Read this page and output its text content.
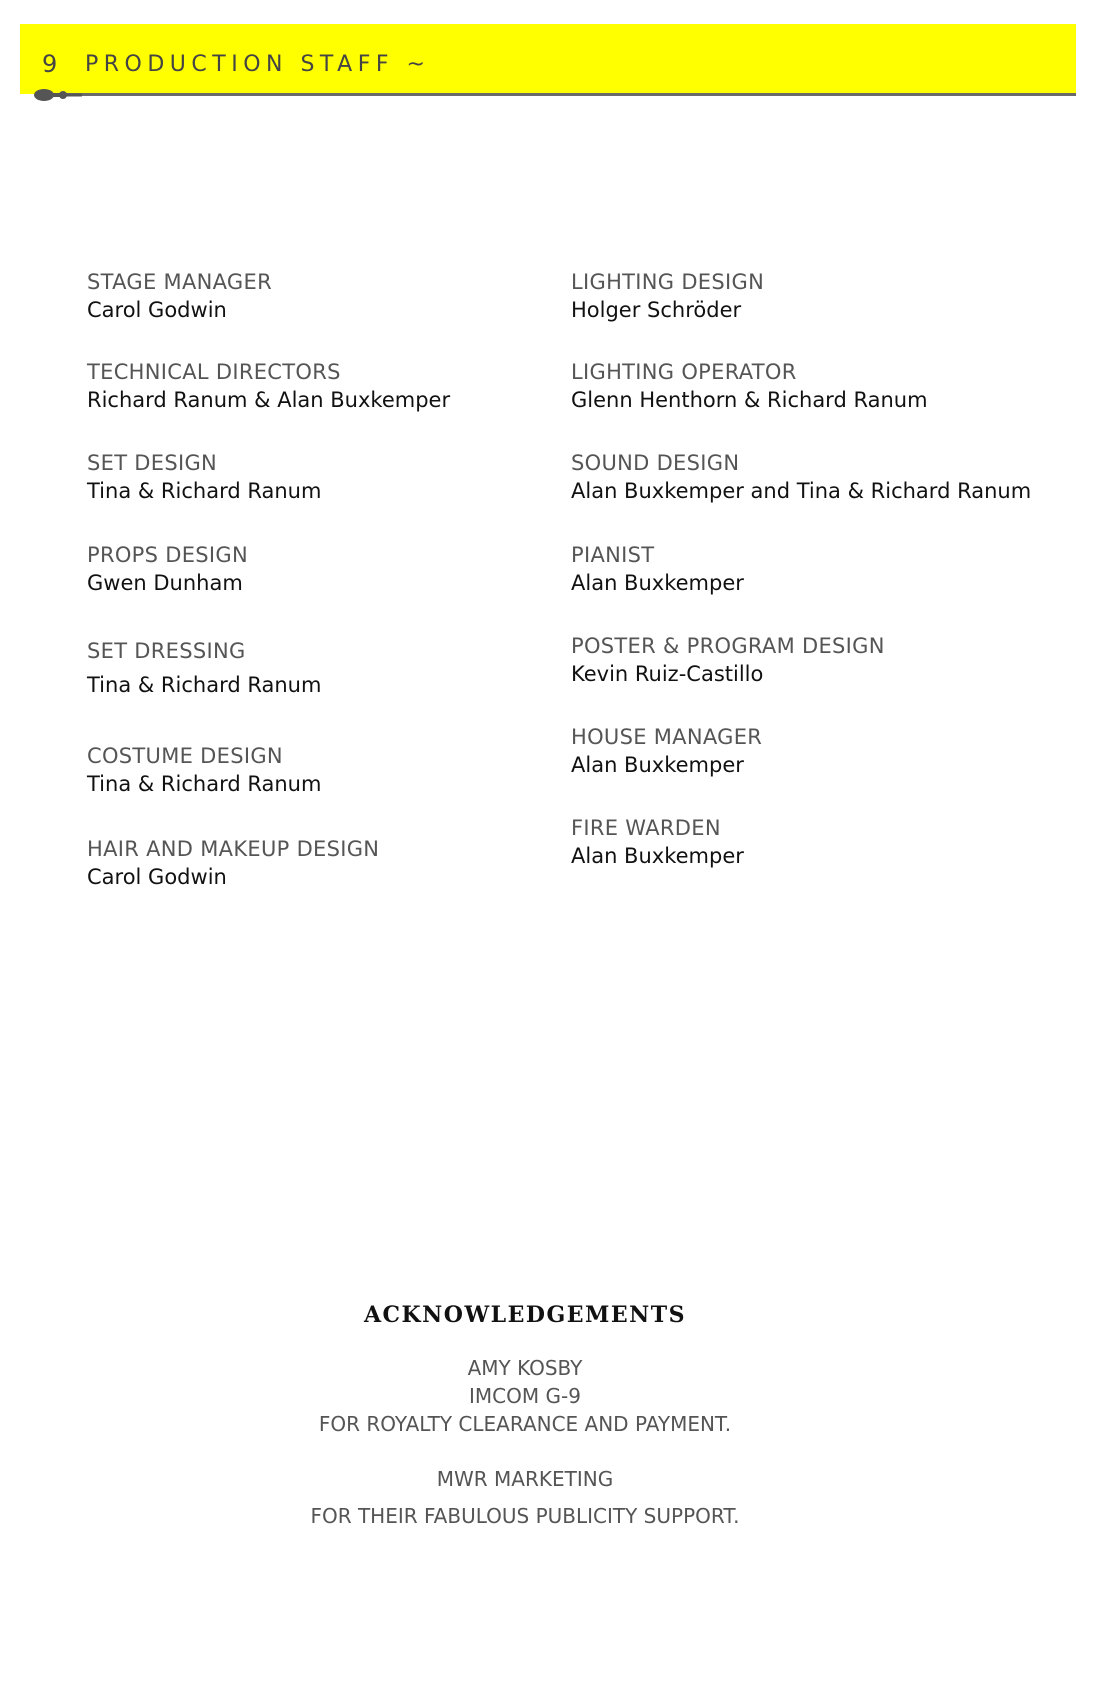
9 PRODUCTION STAFF ~
STAGE MANAGER
Carol Godwin
TECHNICAL DIRECTORS
Richard Ranum & Alan Buxkemper
SET DESIGN
Tina & Richard Ranum
PROPS DESIGN
Gwen Dunham
SET DRESSING
Tina & Richard Ranum
COSTUME DESIGN
Tina & Richard Ranum
HAIR AND MAKEUP DESIGN
Carol Godwin
LIGHTING DESIGN
Holger Schröder
LIGHTING OPERATOR
Glenn Henthorn & Richard Ranum
SOUND DESIGN
Alan Buxkemper and Tina & Richard Ranum
PIANIST
Alan Buxkemper
POSTER & PROGRAM DESIGN
Kevin Ruiz-Castillo
HOUSE MANAGER
Alan Buxkemper
FIRE WARDEN
Alan Buxkemper
ACKNOWLEDGEMENTS
AMY KOSBY
IMCOM G-9
FOR ROYALTY CLEARANCE AND PAYMENT.
MWR MARKETING
FOR THEIR FABULOUS PUBLICITY SUPPORT.
